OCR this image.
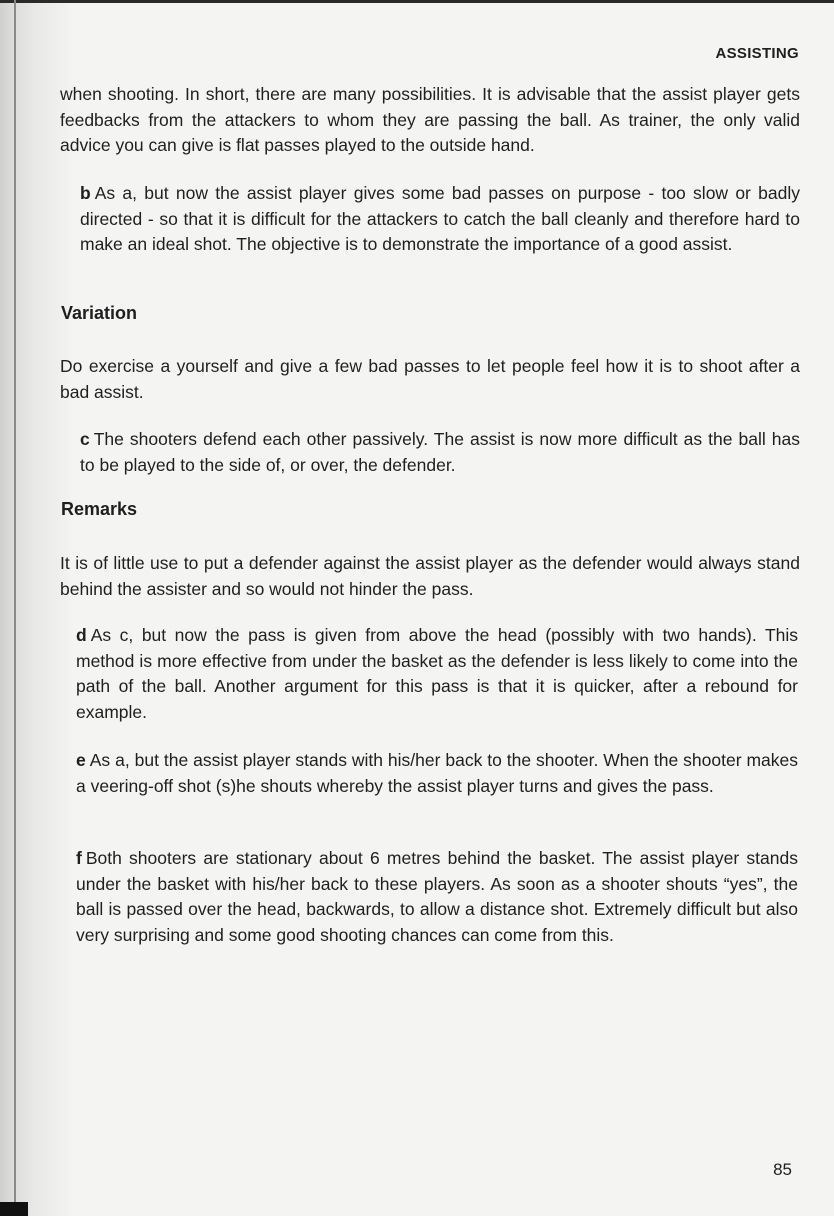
ASSISTING

when shooting. In short, there are many possibilities. It is advisable that the assist player gets feedbacks from the attackers to whom they are passing the ball. As trainer, the only valid advice you can give is flat passes played to the outside hand.

b As a, but now the assist player gives some bad passes on purpose - too slow or badly directed - so that it is difficult for the attackers to catch the ball cleanly and therefore hard to make an ideal shot. The objective is to demonstrate the importance of a good assist.

Variation

Do exercise a yourself and give a few bad passes to let people feel how it is to shoot after a bad assist.

c The shooters defend each other passively. The assist is now more difficult as the ball has to be played to the side of, or over, the defender.

Remarks

It is of little use to put a defender against the assist player as the defender would always stand behind the assister and so would not hinder the pass.

d As c, but now the pass is given from above the head (possibly with two hands). This method is more effective from under the basket as the defender is less likely to come into the path of the ball. Another argument for this pass is that it is quicker, after a rebound for example.

e As a, but the assist player stands with his/her back to the shooter. When the shooter makes a veering-off shot (s)he shouts whereby the assist player turns and gives the pass.

f Both shooters are stationary about 6 metres behind the basket. The assist player stands under the basket with his/her back to these players. As soon as a shooter shouts “yes”, the ball is passed over the head, backwards, to allow a distance shot. Extremely difficult but also very surprising and some good shooting chances can come from this.

85
